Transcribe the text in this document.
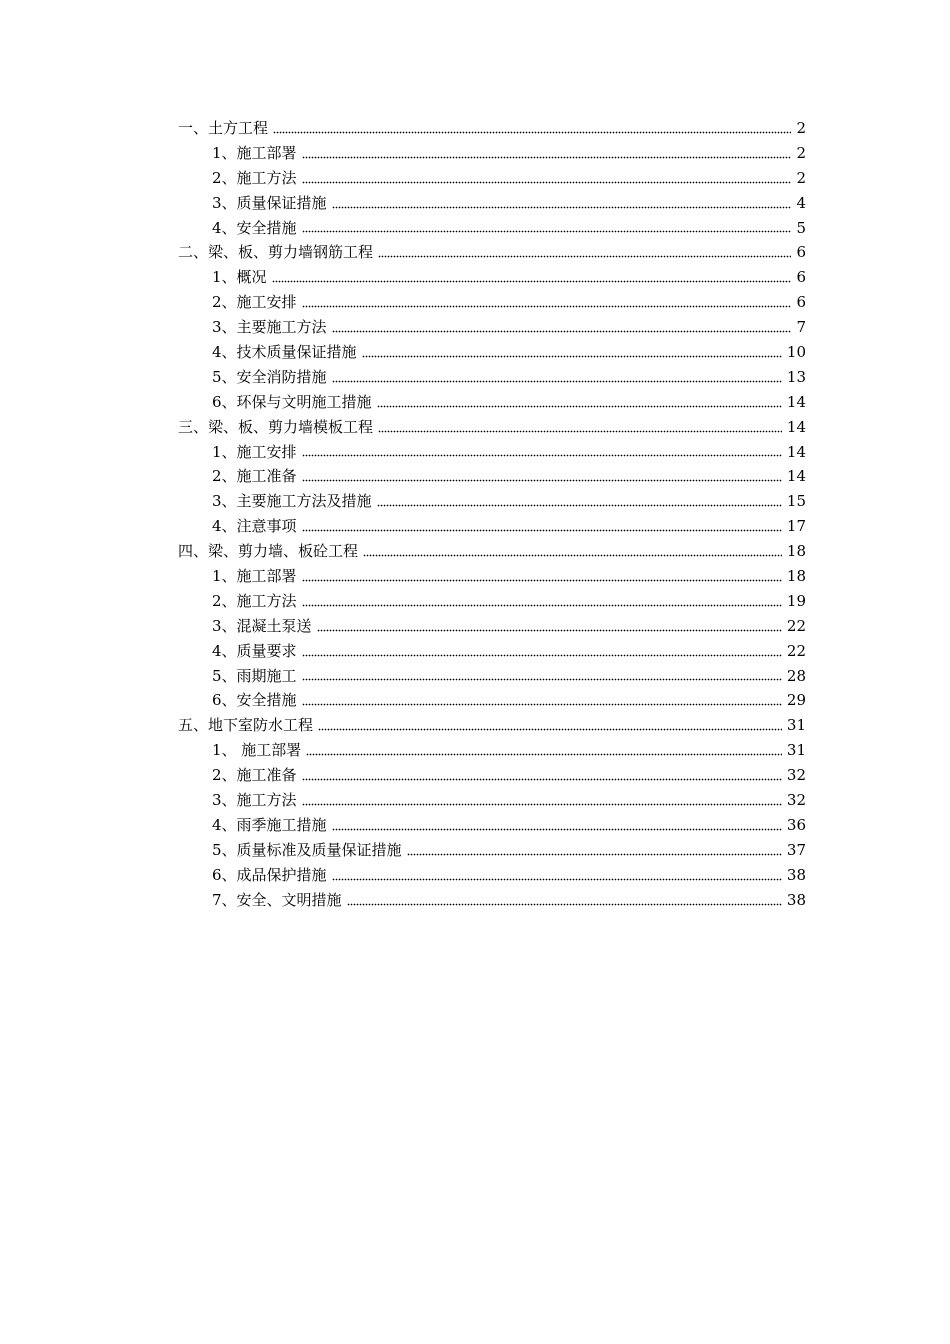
一、土方工程	2
1、施工部署	2
2、施工方法	2
3、质量保证措施	4
4、安全措施	5
二、梁、板、剪力墙钢筋工程	6
1、概况	6
2、施工安排	6
3、主要施工方法	7
4、技术质量保证措施	10
5、安全消防措施	13
6、环保与文明施工措施	14
三、梁、板、剪力墙模板工程	14
1、施工安排	14
2、施工准备	14
3、主要施工方法及措施	15
4、注意事项	17
四、梁、剪力墙、板砼工程	18
1、施工部署	18
2、施工方法	19
3、混凝土泵送	22
4、质量要求	22
5、雨期施工	28
6、安全措施	29
五、地下室防水工程	31
1、 施工部署	31
2、施工准备	32
3、施工方法	32
4、雨季施工措施	36
5、质量标准及质量保证措施	37
6、成品保护措施	38
7、安全、文明措施	38
